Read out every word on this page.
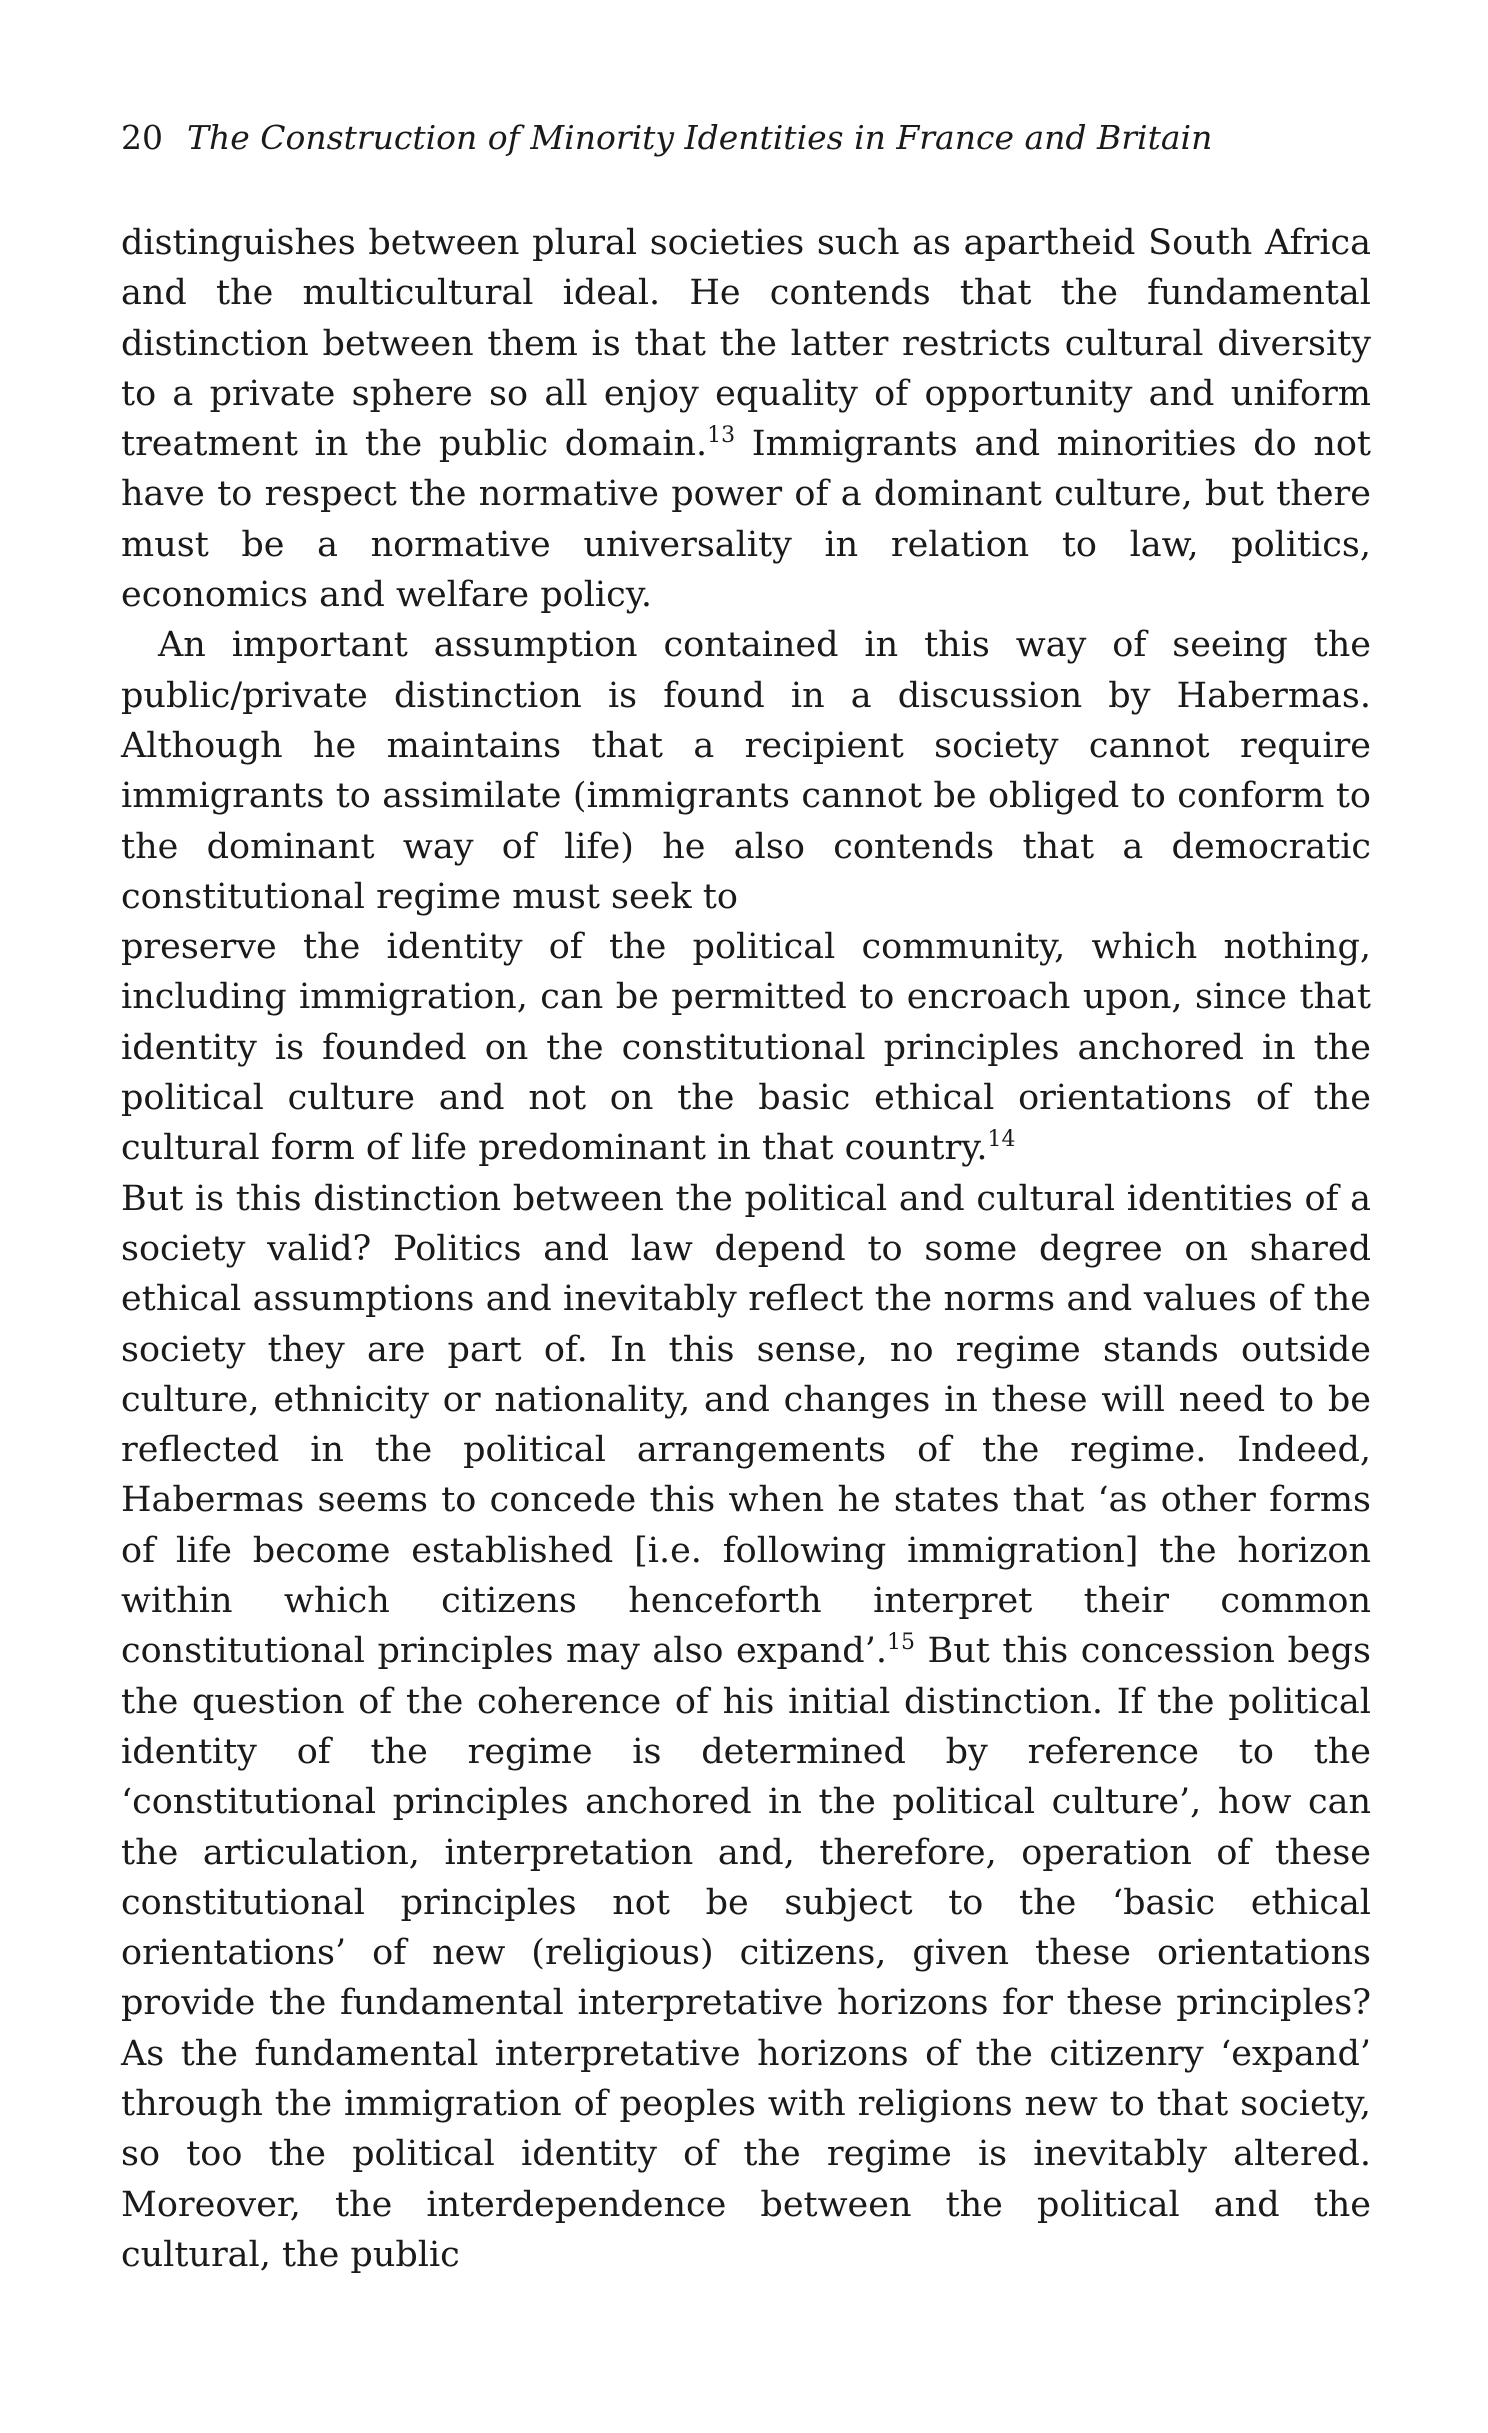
20 The Construction of Minority Identities in France and Britain

distinguishes between plural societies such as apartheid South Africa and the multicultural ideal. He contends that the fundamental distinction between them is that the latter restricts cultural diversity to a private sphere so all enjoy equality of opportunity and uniform treatment in the public domain.$^{13}$ Immigrants and minorities do not have to respect the normative power of a dominant culture, but there must be a normative universality in relation to law, politics, economics and welfare policy.

An important assumption contained in this way of seeing the public/private distinction is found in a discussion by Habermas. Although he maintains that a recipient society cannot require immigrants to assimilate (immigrants cannot be obliged to conform to the dominant way of life) he also contends that a democratic constitutional regime must seek to

preserve the identity of the political community, which nothing, including immigration, can be permitted to encroach upon, since that identity is founded on the constitutional principles anchored in the political culture and not on the basic ethical orientations of the cultural form of life predominant in that country.$^{14}$

But is this distinction between the political and cultural identities of a society valid? Politics and law depend to some degree on shared ethical assumptions and inevitably reflect the norms and values of the society they are part of. In this sense, no regime stands outside culture, ethnicity or nationality, and changes in these will need to be reflected in the political arrangements of the regime. Indeed, Habermas seems to concede this when he states that ‘as other forms of life become established [i.e. following immigration] the horizon within which citizens henceforth interpret their common constitutional principles may also expand’.$^{15}$ But this concession begs the question of the coherence of his initial distinction. If the political identity of the regime is determined by reference to the ‘constitutional principles anchored in the political culture’, how can the articulation, interpretation and, therefore, operation of these constitutional principles not be subject to the ‘basic ethical orientations’ of new (religious) citizens, given these orientations provide the fundamental interpretative horizons for these principles? As the fundamental interpretative horizons of the citizenry ‘expand’ through the immigration of peoples with religions new to that society, so too the political identity of the regime is inevitably altered. Moreover, the interdependence between the political and the cultural, the public
